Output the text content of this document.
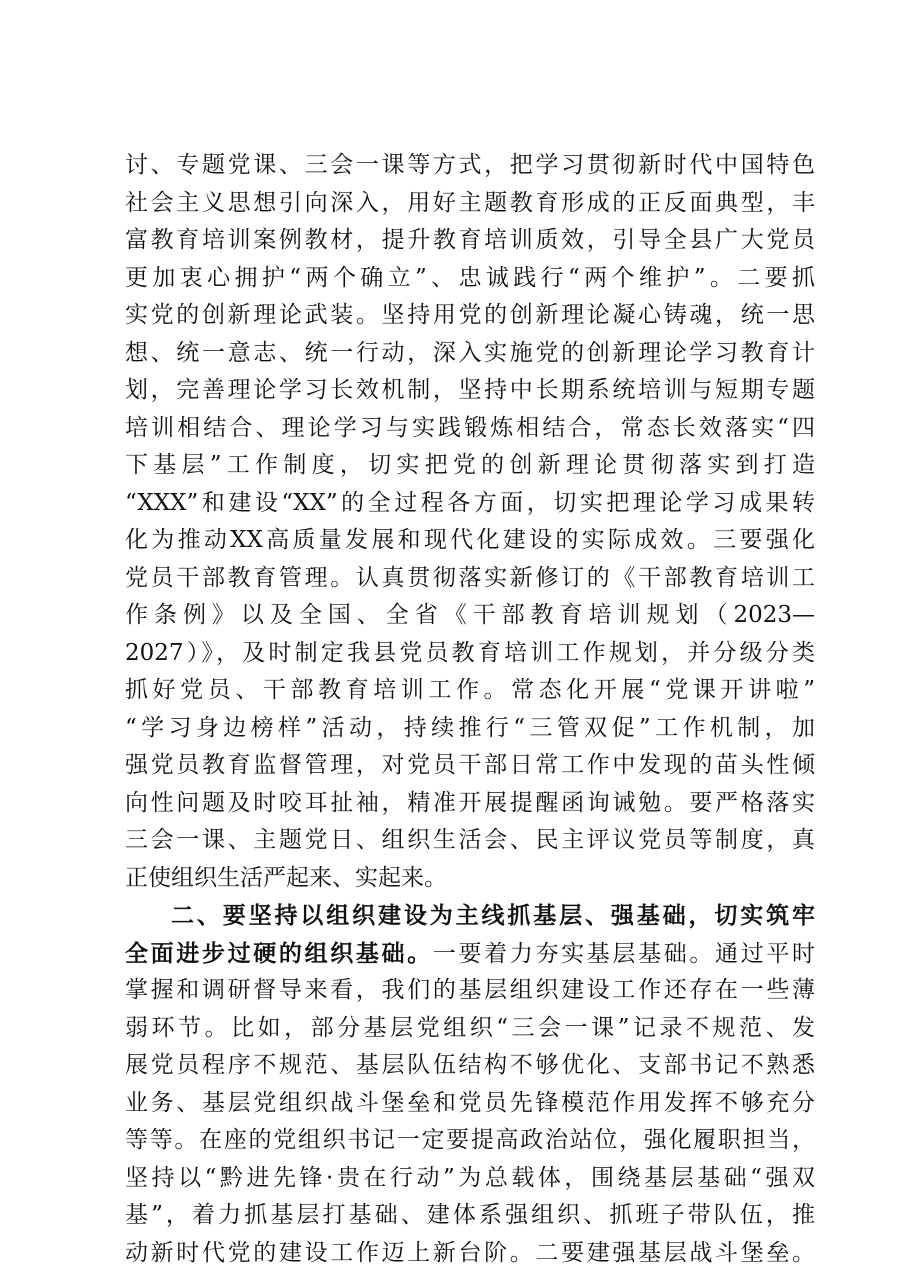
讨、专题党课、三会一课等方式，把学习贯彻新时代中国特色
社会主义思想引向深入，用好主题教育形成的正反面典型，丰
富教育培训案例教材，提升教育培训质效，引导全县广大党员
更加衷心拥护“两个确立”、忠诚践行“两个维护”。二要抓
实党的创新理论武装。坚持用党的创新理论凝心铸魂，统一思
想、统一意志、统一行动，深入实施党的创新理论学习教育计
划，完善理论学习长效机制，坚持中长期系统培训与短期专题
培训相结合、理论学习与实践锻炼相结合，常态长效落实“四
下基层”工作制度，切实把党的创新理论贯彻落实到打造
“XXX”和建设“XX”的全过程各方面，切实把理论学习成果转
化为推动XX高质量发展和现代化建设的实际成效。三要强化
党员干部教育管理。认真贯彻落实新修订的《干部教育培训工
作条例》以及全国、全省《干部教育培训规划（2023—
2027）》，及时制定我县党员教育培训工作规划，并分级分类
抓好党员、干部教育培训工作。常态化开展“党课开讲啦”
“学习身边榜样”活动，持续推行“三管双促”工作机制，加
强党员教育监督管理，对党员干部日常工作中发现的苗头性倾
向性问题及时咬耳扯袖，精准开展提醒函询诫勉。要严格落实
三会一课、主题党日、组织生活会、民主评议党员等制度，真
正使组织生活严起来、实起来。
二、要坚持以组织建设为主线抓基层、强基础，切实筑牢
全面进步过硬的组织基础。一要着力夯实基层基础。通过平时
掌握和调研督导来看，我们的基层组织建设工作还存在一些薄
弱环节。比如，部分基层党组织“三会一课”记录不规范、发
展党员程序不规范、基层队伍结构不够优化、支部书记不熟悉
业务、基层党组织战斗堡垒和党员先锋模范作用发挥不够充分
等等。在座的党组织书记一定要提高政治站位，强化履职担当，
坚持以“黔进先锋·贵在行动”为总载体，围绕基层基础“强双
基”，着力抓基层打基础、建体系强组织、抓班子带队伍，推
动新时代党的建设工作迈上新台阶。二要建强基层战斗堡垒。
